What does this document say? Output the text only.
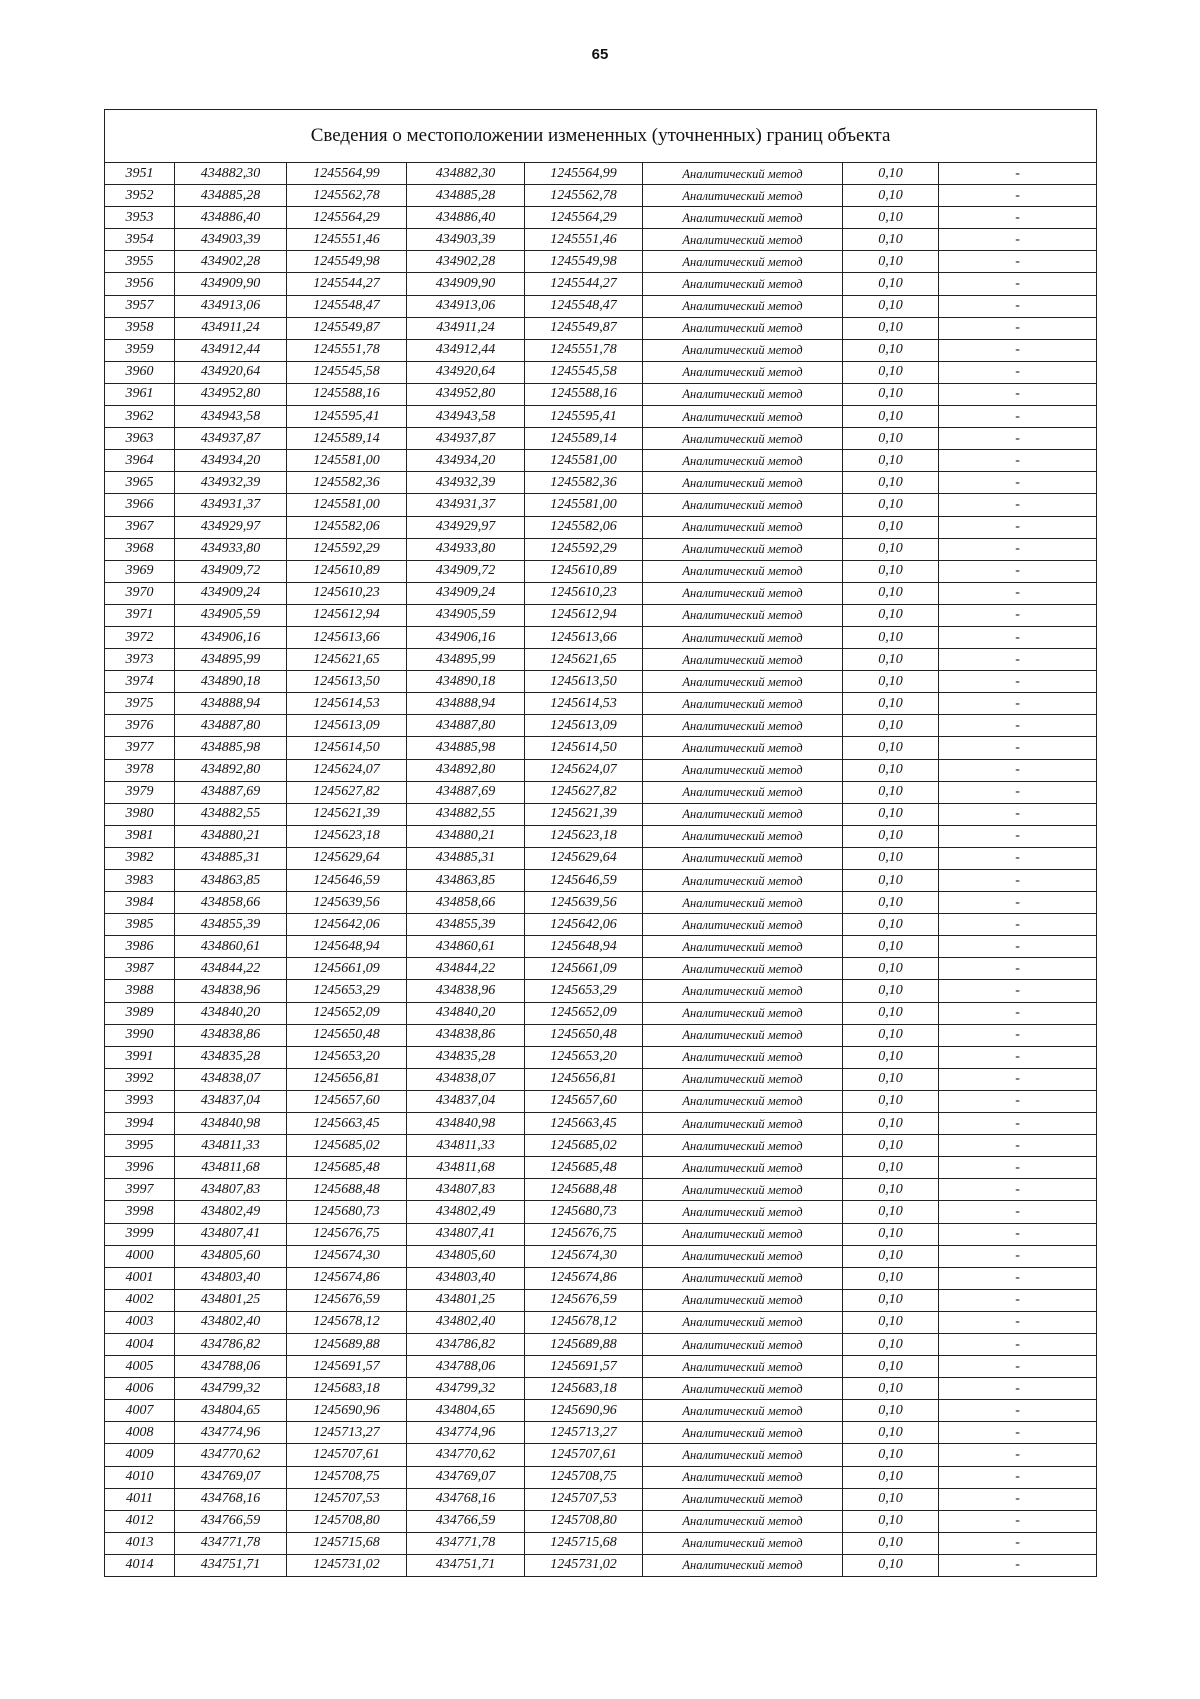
65
Сведения о местоположении измененных (уточненных) границ объекта							
3951	434882,30	1245564,99	434882,30	1245564,99	Аналитический метод	0,10	-
3952	434885,28	1245562,78	434885,28	1245562,78	Аналитический метод	0,10	-
3953	434886,40	1245564,29	434886,40	1245564,29	Аналитический метод	0,10	-
3954	434903,39	1245551,46	434903,39	1245551,46	Аналитический метод	0,10	-
3955	434902,28	1245549,98	434902,28	1245549,98	Аналитический метод	0,10	-
3956	434909,90	1245544,27	434909,90	1245544,27	Аналитический метод	0,10	-
3957	434913,06	1245548,47	434913,06	1245548,47	Аналитический метод	0,10	-
3958	434911,24	1245549,87	434911,24	1245549,87	Аналитический метод	0,10	-
3959	434912,44	1245551,78	434912,44	1245551,78	Аналитический метод	0,10	-
3960	434920,64	1245545,58	434920,64	1245545,58	Аналитический метод	0,10	-
3961	434952,80	1245588,16	434952,80	1245588,16	Аналитический метод	0,10	-
3962	434943,58	1245595,41	434943,58	1245595,41	Аналитический метод	0,10	-
3963	434937,87	1245589,14	434937,87	1245589,14	Аналитический метод	0,10	-
3964	434934,20	1245581,00	434934,20	1245581,00	Аналитический метод	0,10	-
3965	434932,39	1245582,36	434932,39	1245582,36	Аналитический метод	0,10	-
3966	434931,37	1245581,00	434931,37	1245581,00	Аналитический метод	0,10	-
3967	434929,97	1245582,06	434929,97	1245582,06	Аналитический метод	0,10	-
3968	434933,80	1245592,29	434933,80	1245592,29	Аналитический метод	0,10	-
3969	434909,72	1245610,89	434909,72	1245610,89	Аналитический метод	0,10	-
3970	434909,24	1245610,23	434909,24	1245610,23	Аналитический метод	0,10	-
3971	434905,59	1245612,94	434905,59	1245612,94	Аналитический метод	0,10	-
3972	434906,16	1245613,66	434906,16	1245613,66	Аналитический метод	0,10	-
3973	434895,99	1245621,65	434895,99	1245621,65	Аналитический метод	0,10	-
3974	434890,18	1245613,50	434890,18	1245613,50	Аналитический метод	0,10	-
3975	434888,94	1245614,53	434888,94	1245614,53	Аналитический метод	0,10	-
3976	434887,80	1245613,09	434887,80	1245613,09	Аналитический метод	0,10	-
3977	434885,98	1245614,50	434885,98	1245614,50	Аналитический метод	0,10	-
3978	434892,80	1245624,07	434892,80	1245624,07	Аналитический метод	0,10	-
3979	434887,69	1245627,82	434887,69	1245627,82	Аналитический метод	0,10	-
3980	434882,55	1245621,39	434882,55	1245621,39	Аналитический метод	0,10	-
3981	434880,21	1245623,18	434880,21	1245623,18	Аналитический метод	0,10	-
3982	434885,31	1245629,64	434885,31	1245629,64	Аналитический метод	0,10	-
3983	434863,85	1245646,59	434863,85	1245646,59	Аналитический метод	0,10	-
3984	434858,66	1245639,56	434858,66	1245639,56	Аналитический метод	0,10	-
3985	434855,39	1245642,06	434855,39	1245642,06	Аналитический метод	0,10	-
3986	434860,61	1245648,94	434860,61	1245648,94	Аналитический метод	0,10	-
3987	434844,22	1245661,09	434844,22	1245661,09	Аналитический метод	0,10	-
3988	434838,96	1245653,29	434838,96	1245653,29	Аналитический метод	0,10	-
3989	434840,20	1245652,09	434840,20	1245652,09	Аналитический метод	0,10	-
3990	434838,86	1245650,48	434838,86	1245650,48	Аналитический метод	0,10	-
3991	434835,28	1245653,20	434835,28	1245653,20	Аналитический метод	0,10	-
3992	434838,07	1245656,81	434838,07	1245656,81	Аналитический метод	0,10	-
3993	434837,04	1245657,60	434837,04	1245657,60	Аналитический метод	0,10	-
3994	434840,98	1245663,45	434840,98	1245663,45	Аналитический метод	0,10	-
3995	434811,33	1245685,02	434811,33	1245685,02	Аналитический метод	0,10	-
3996	434811,68	1245685,48	434811,68	1245685,48	Аналитический метод	0,10	-
3997	434807,83	1245688,48	434807,83	1245688,48	Аналитический метод	0,10	-
3998	434802,49	1245680,73	434802,49	1245680,73	Аналитический метод	0,10	-
3999	434807,41	1245676,75	434807,41	1245676,75	Аналитический метод	0,10	-
4000	434805,60	1245674,30	434805,60	1245674,30	Аналитический метод	0,10	-
4001	434803,40	1245674,86	434803,40	1245674,86	Аналитический метод	0,10	-
4002	434801,25	1245676,59	434801,25	1245676,59	Аналитический метод	0,10	-
4003	434802,40	1245678,12	434802,40	1245678,12	Аналитический метод	0,10	-
4004	434786,82	1245689,88	434786,82	1245689,88	Аналитический метод	0,10	-
4005	434788,06	1245691,57	434788,06	1245691,57	Аналитический метод	0,10	-
4006	434799,32	1245683,18	434799,32	1245683,18	Аналитический метод	0,10	-
4007	434804,65	1245690,96	434804,65	1245690,96	Аналитический метод	0,10	-
4008	434774,96	1245713,27	434774,96	1245713,27	Аналитический метод	0,10	-
4009	434770,62	1245707,61	434770,62	1245707,61	Аналитический метод	0,10	-
4010	434769,07	1245708,75	434769,07	1245708,75	Аналитический метод	0,10	-
4011	434768,16	1245707,53	434768,16	1245707,53	Аналитический метод	0,10	-
4012	434766,59	1245708,80	434766,59	1245708,80	Аналитический метод	0,10	-
4013	434771,78	1245715,68	434771,78	1245715,68	Аналитический метод	0,10	-
4014	434751,71	1245731,02	434751,71	1245731,02	Аналитический метод	0,10	-
